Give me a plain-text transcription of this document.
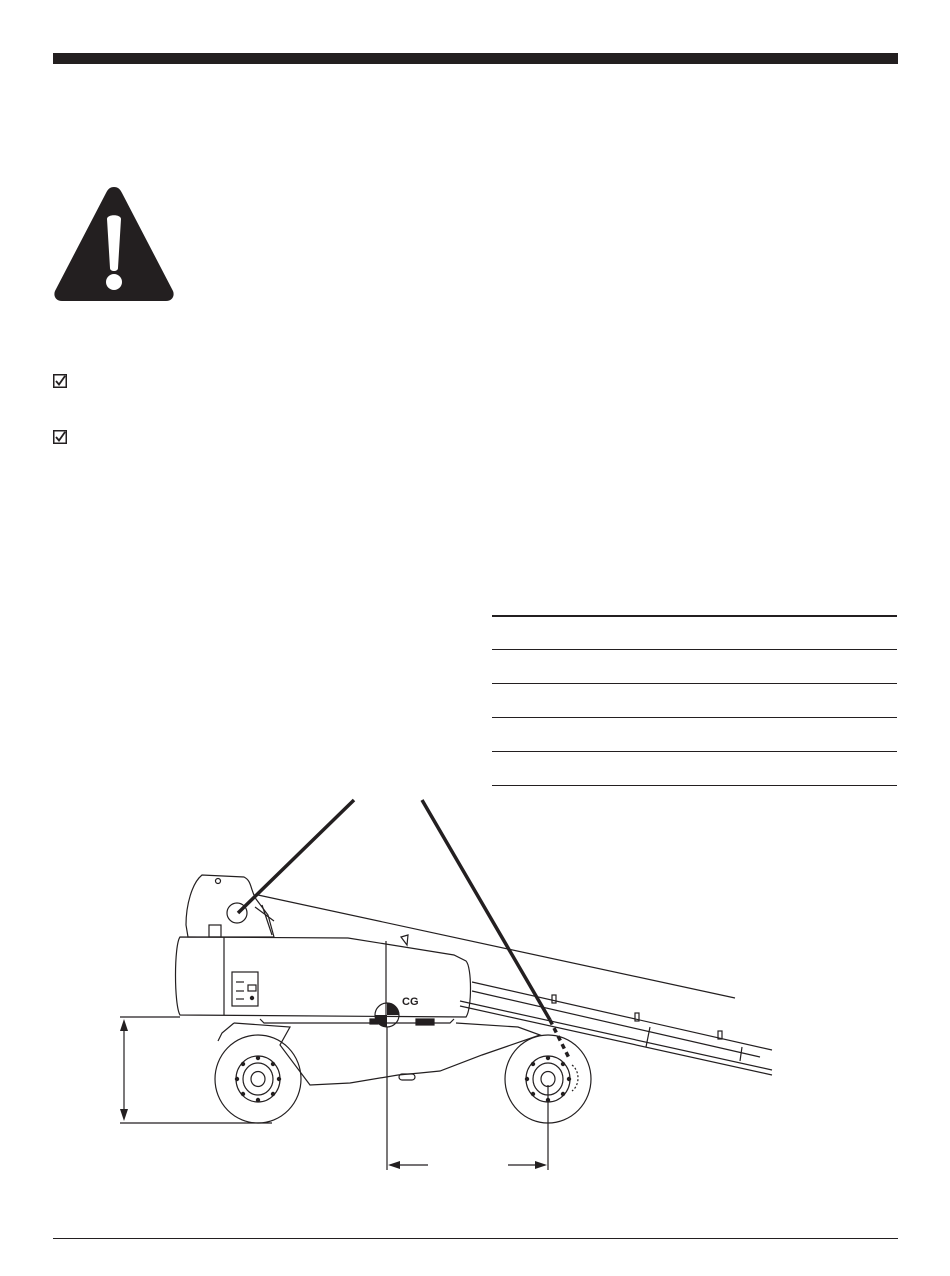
CG
